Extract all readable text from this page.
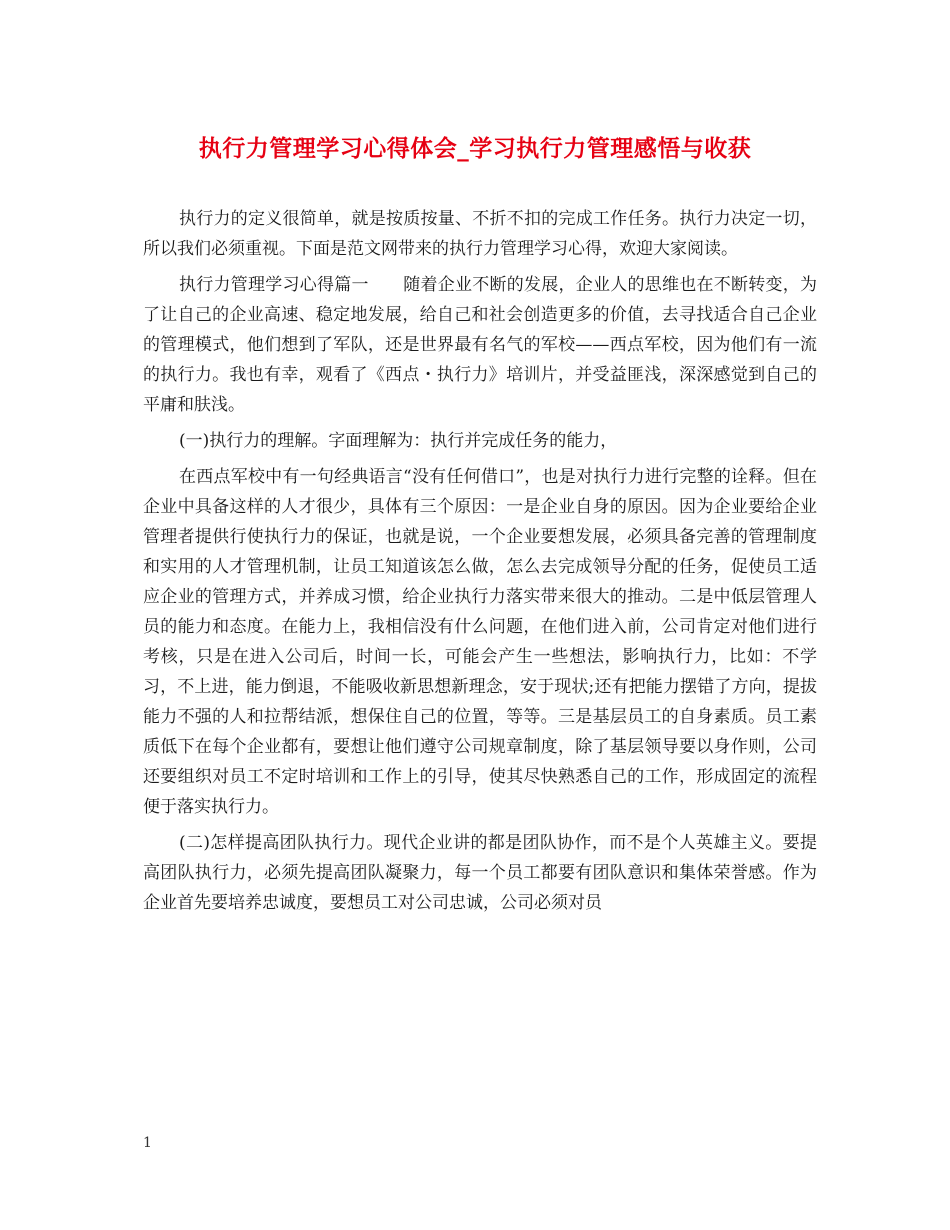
执行力管理学习心得体会_学习执行力管理感悟与收获

执行力的定义很简单，就是按质按量、不折不扣的完成工作任务。执行力决定一切，所以我们必须重视。下面是范文网带来的执行力管理学习心得，欢迎大家阅读。

执行力管理学习心得篇一　　随着企业不断的发展，企业人的思维也在不断转变，为了让自己的企业高速、稳定地发展，给自己和社会创造更多的价值，去寻找适合自己企业的管理模式，他们想到了军队，还是世界最有名气的军校——西点军校，因为他们有一流的执行力。我也有幸，观看了《西点・执行力》培训片，并受益匪浅，深深感觉到自己的平庸和肤浅。

(一)执行力的理解。字面理解为：执行并完成任务的能力，

在西点军校中有一句经典语言“没有任何借口”，也是对执行力进行完整的诠释。但在企业中具备这样的人才很少，具体有三个原因：一是企业自身的原因。因为企业要给企业管理者提供行使执行力的保证，也就是说，一个企业要想发展，必须具备完善的管理制度和实用的人才管理机制，让员工知道该怎么做，怎么去完成领导分配的任务，促使员工适应企业的管理方式，并养成习惯，给企业执行力落实带来很大的推动。二是中低层管理人员的能力和态度。在能力上，我相信没有什么问题，在他们进入前，公司肯定对他们进行考核，只是在进入公司后，时间一长，可能会产生一些想法，影响执行力，比如：不学习，不上进，能力倒退，不能吸收新思想新理念，安于现状;还有把能力摆错了方向，提拔能力不强的人和拉帮结派，想保住自己的位置，等等。三是基层员工的自身素质。员工素质低下在每个企业都有，要想让他们遵守公司规章制度，除了基层领导要以身作则，公司还要组织对员工不定时培训和工作上的引导，使其尽快熟悉自己的工作，形成固定的流程便于落实执行力。

(二)怎样提高团队执行力。现代企业讲的都是团队协作，而不是个人英雄主义。要提高团队执行力，必须先提高团队凝聚力，每一个员工都要有团队意识和集体荣誉感。作为企业首先要培养忠诚度，要想员工对公司忠诚，公司必须对员

1
